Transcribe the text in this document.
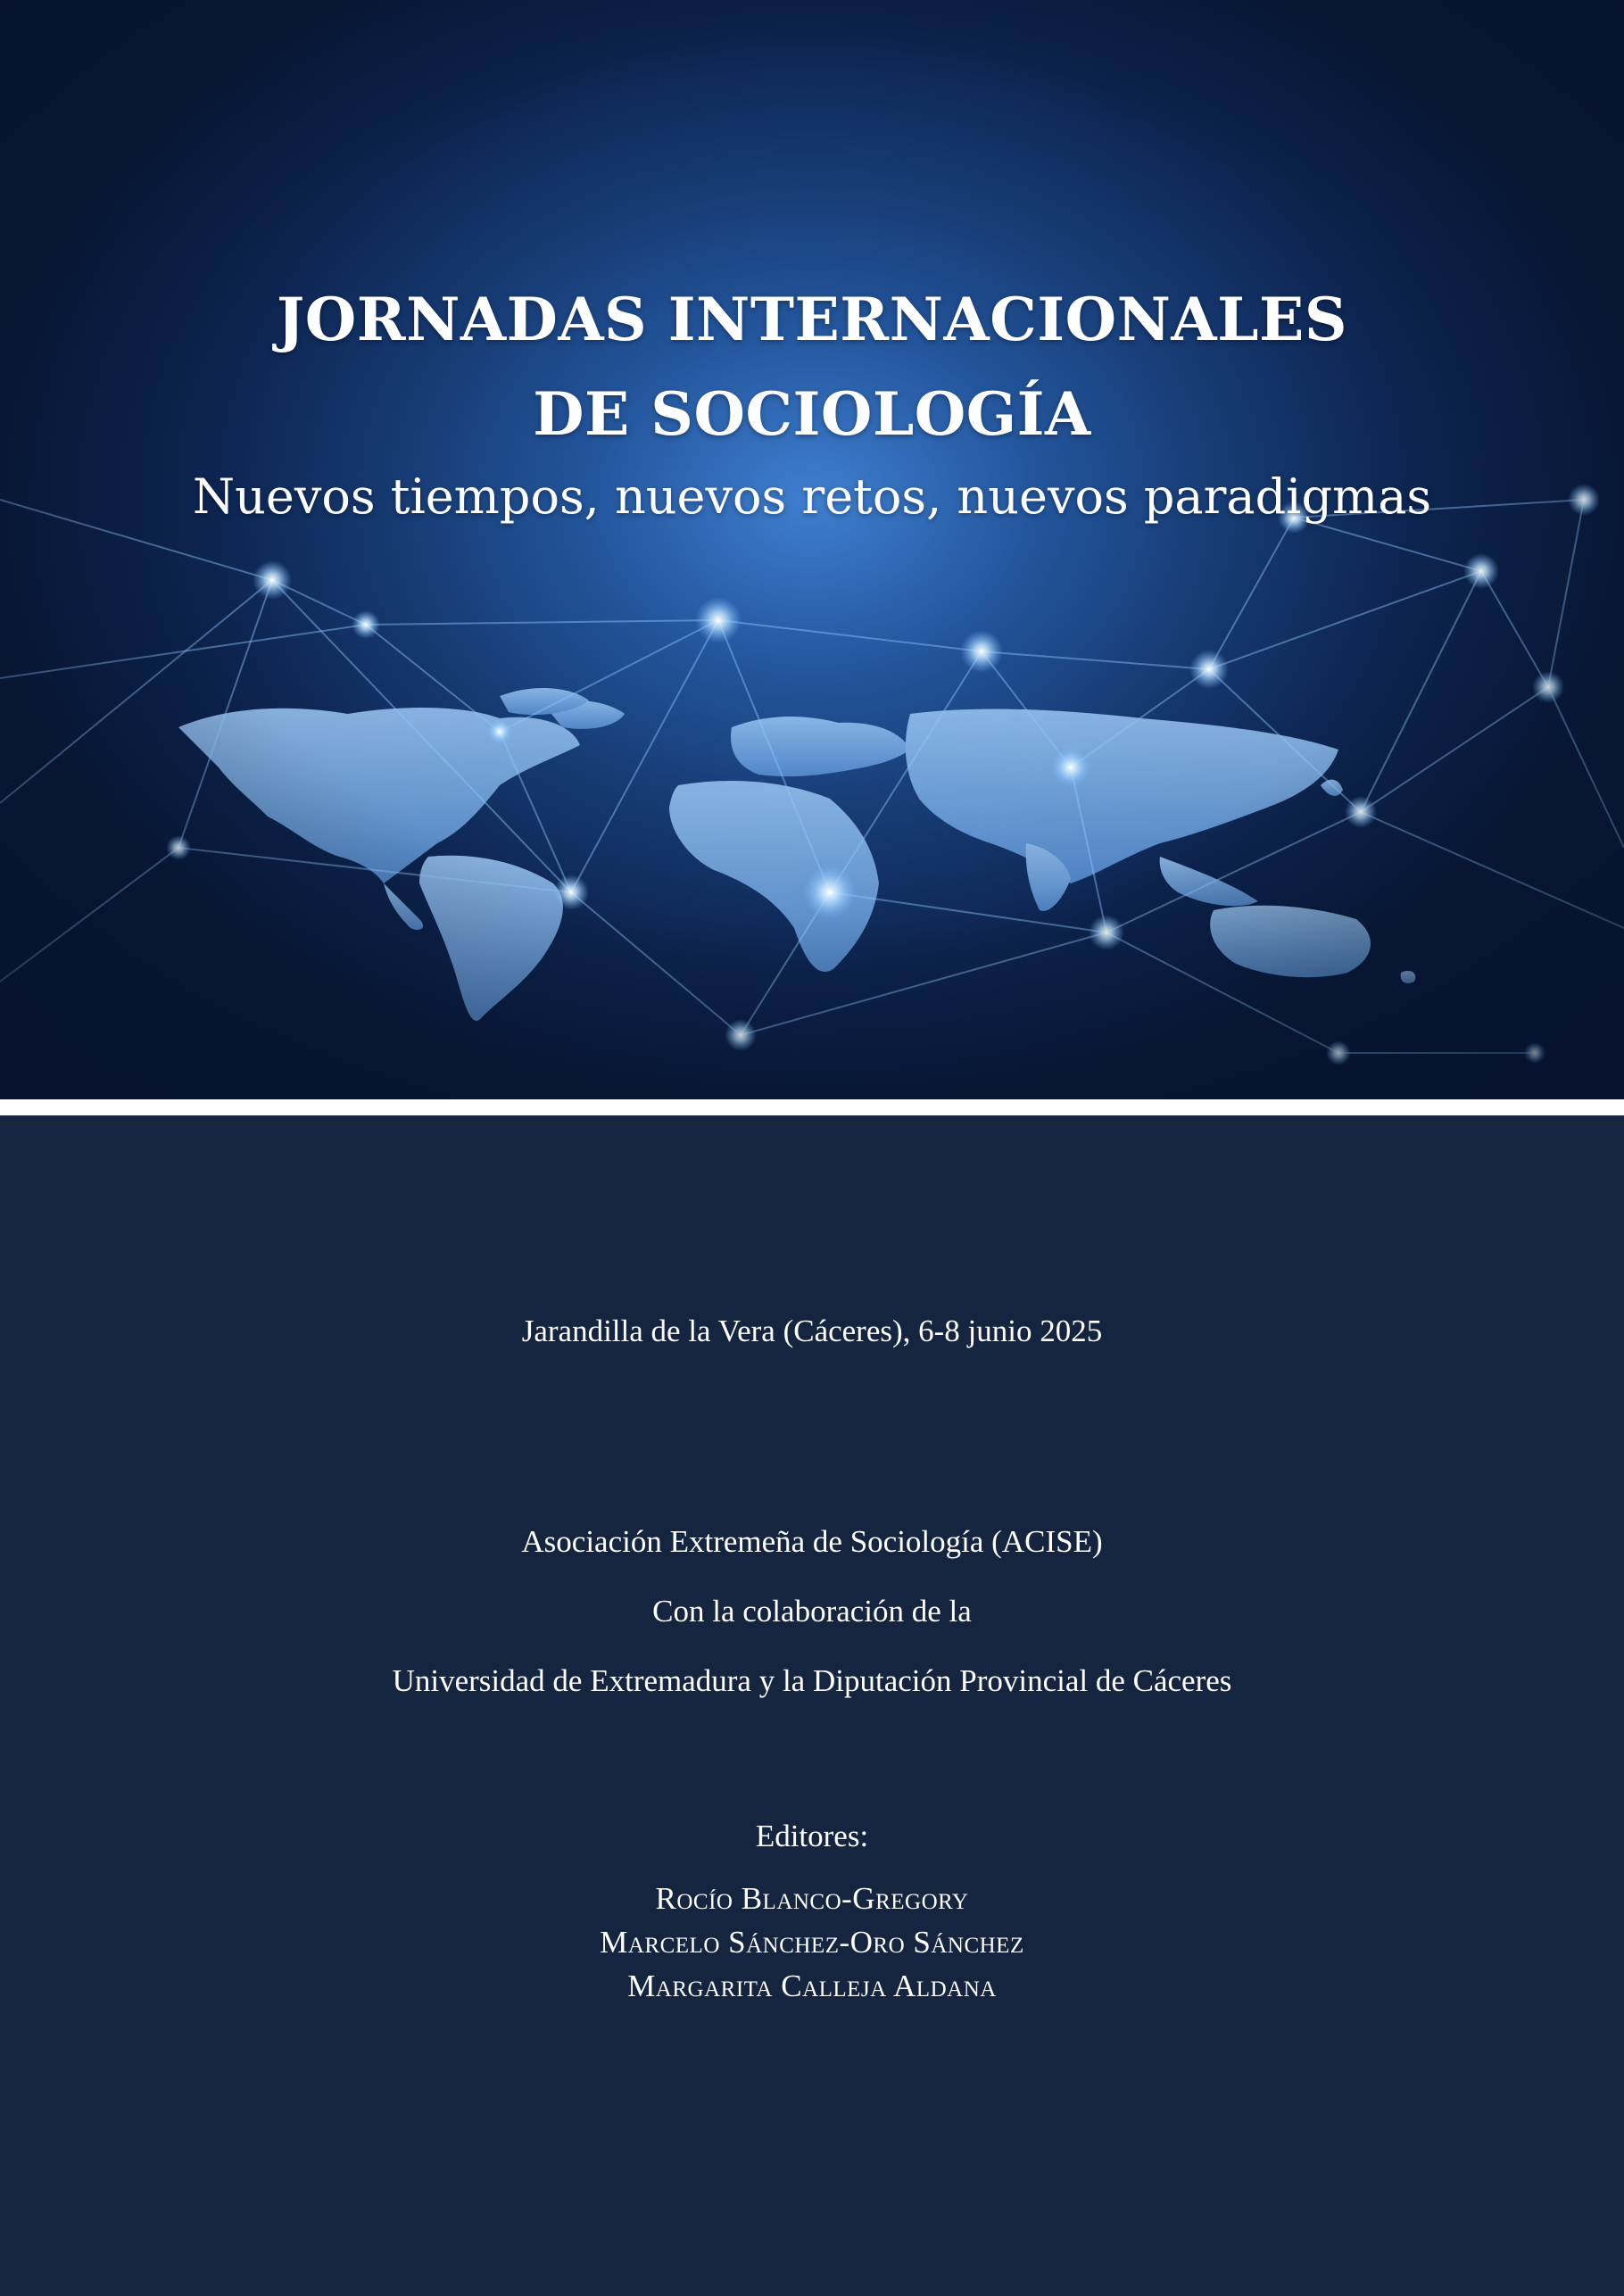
JORNADAS INTERNACIONALES
DE SOCIOLOGÍA
Nuevos tiempos, nuevos retos, nuevos paradigmas
Jarandilla de la Vera (Cáceres), 6-8 junio 2025
Asociación Extremeña de Sociología (ACISE)
Con la colaboración de la
Universidad de Extremadura y la Diputación Provincial de Cáceres
Editores:
Rocío Blanco-Gregory
Marcelo Sánchez-Oro Sánchez
Margarita Calleja Aldana
